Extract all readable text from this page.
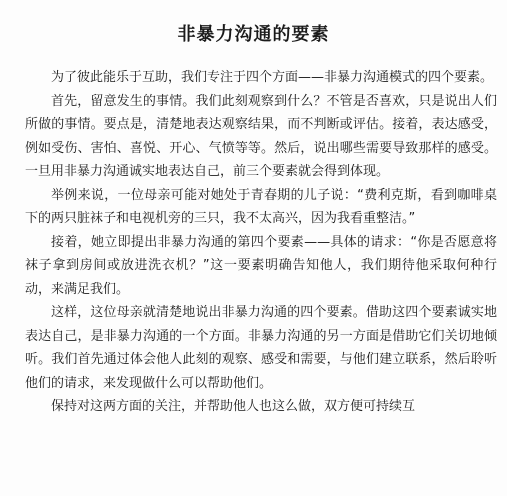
非暴力沟通的要素

为了彼此能乐于互助，我们专注于四个方面——非暴力沟通模式的四个要素。

首先，留意发生的事情。我们此刻观察到什么？不管是否喜欢，只是说出人们所做的事情。要点是，清楚地表达观察结果，而不判断或评估。接着，表达感受，例如受伤、害怕、喜悦、开心、气愤等等。然后，说出哪些需要导致那样的感受。一旦用非暴力沟通诚实地表达自己，前三个要素就会得到体现。

举例来说，一位母亲可能对她处于青春期的儿子说：“费利克斯，看到咖啡桌下的两只脏袜子和电视机旁的三只，我不太高兴，因为我看重整洁。”

接着，她立即提出非暴力沟通的第四个要素——具体的请求：“你是否愿意将袜子拿到房间或放进洗衣机？”这一要素明确告知他人，我们期待他采取何种行动，来满足我们。

这样，这位母亲就清楚地说出非暴力沟通的四个要素。借助这四个要素诚实地表达自己，是非暴力沟通的一个方面。非暴力沟通的另一方面是借助它们关切地倾听。我们首先通过体会他人此刻的观察、感受和需要，与他们建立联系，然后聆听他们的请求，来发现做什么可以帮助他们。

保持对这两方面的关注，并帮助他人也这么做，双方便可持续互
